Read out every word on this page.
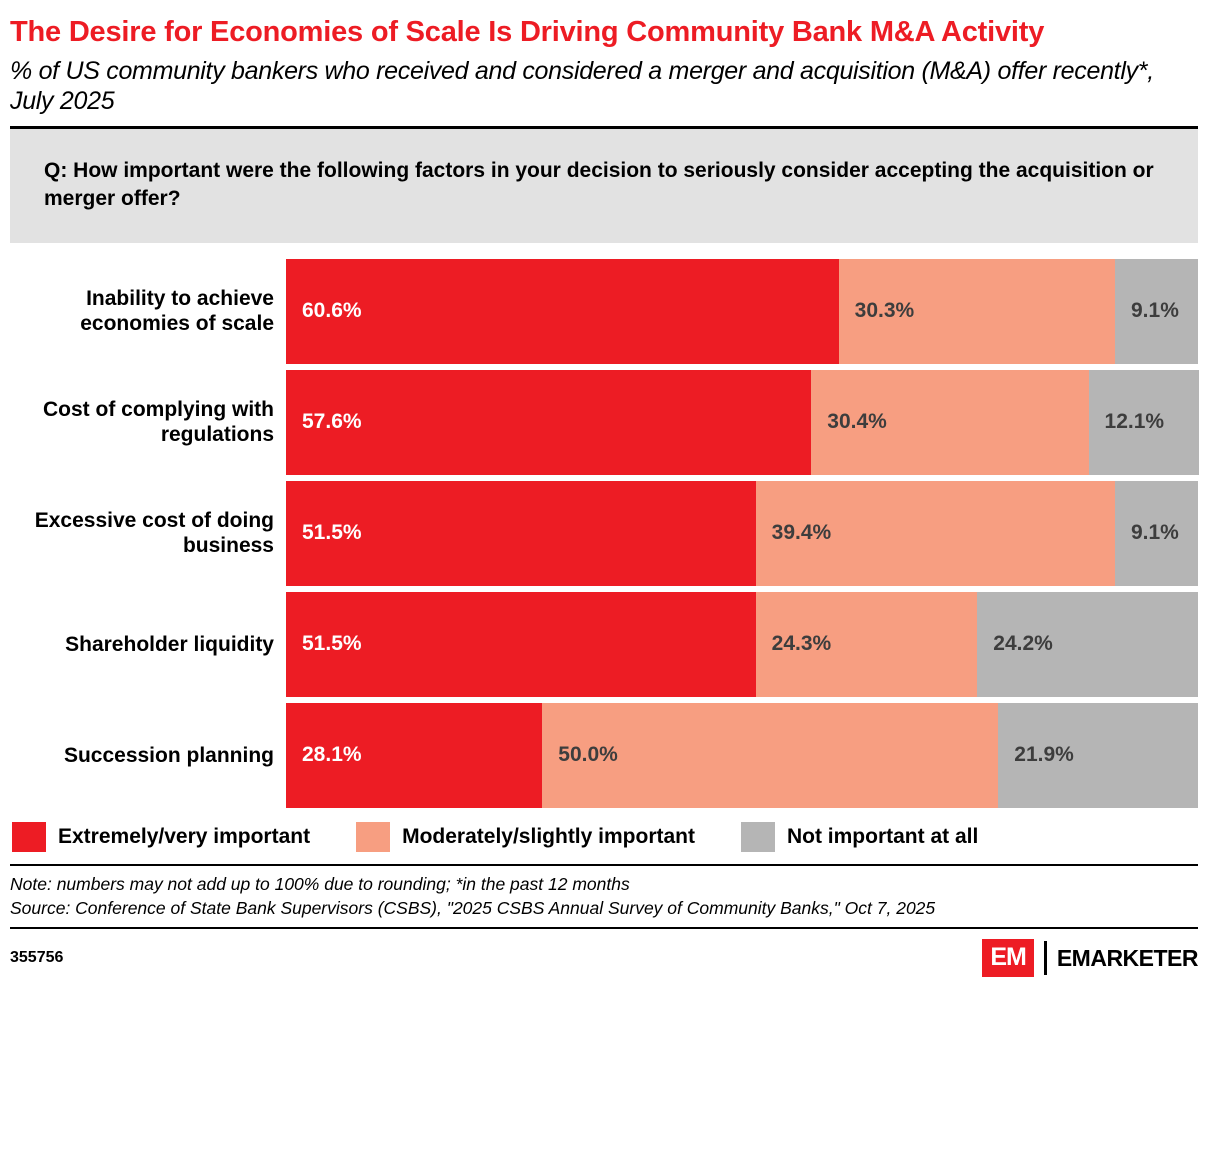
The Desire for Economies of Scale Is Driving Community Bank M&A Activity
% of US community bankers who received and considered a merger and acquisition (M&A) offer recently*, July 2025
Q: How important were the following factors in your decision to seriously consider accepting the acquisition or merger offer?
Inability to achieve economies of scale
60.6%	30.3%	9.1%
Cost of complying with regulations
57.6%	30.4%	12.1%
Excessive cost of doing business
51.5%	39.4%	9.1%
Shareholder liquidity	51.5%	24.3%	24.2%
Succession planning	28.1%	50.0%	21.9%
Extremely/very important	Moderately/slightly important	Not important at all
Note: numbers may not add up to 100% due to rounding; *in the past 12 months
Source: Conference of State Bank Supervisors (CSBS), "2025 CSBS Annual Survey of Community Banks," Oct 7, 2025
355756	EM	EMARKETER
